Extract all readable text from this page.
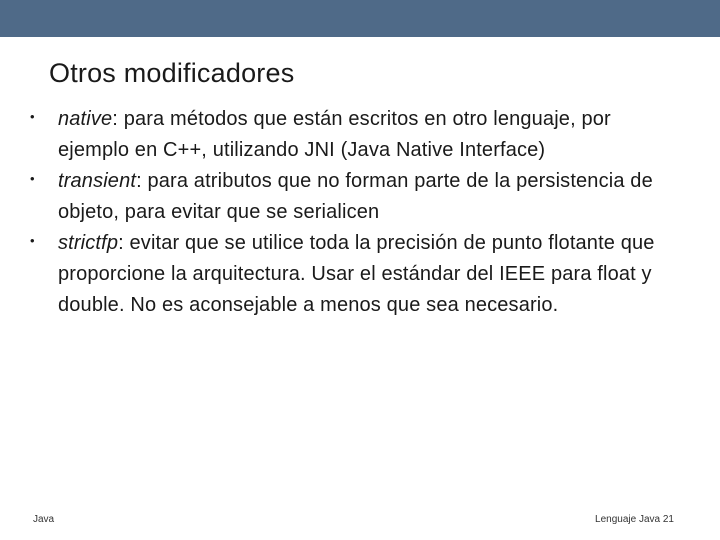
Otros modificadores
• native: para métodos que están escritos en otro lenguaje, por ejemplo en C++, utilizando JNI (Java Native Interface)
• transient: para atributos que no forman parte de la persistencia de objeto, para evitar que se serialicen
• strictfp: evitar que se utilice toda la precisión de punto flotante que proporcione la arquitectura. Usar el estándar del IEEE para float y double. No es aconsejable a menos que sea necesario.
Java	Lenguaje Java 21
